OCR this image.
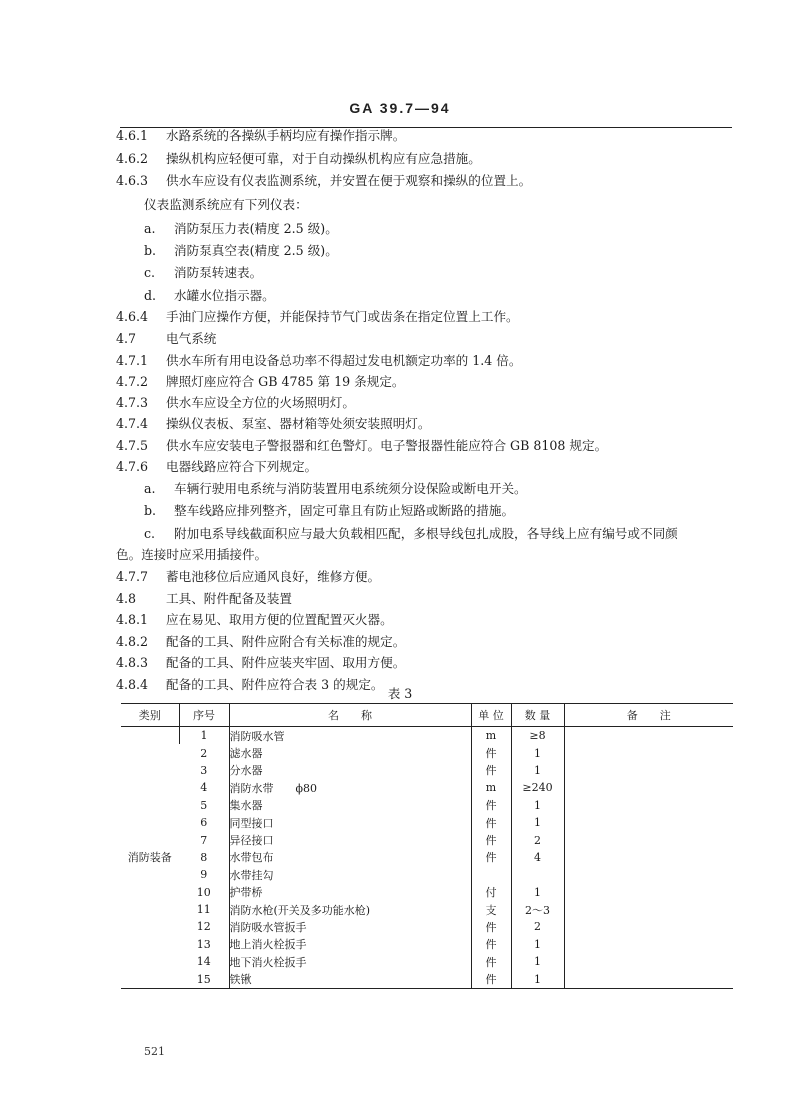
GA 39.7—94
4.6.1 水路系统的各操纵手柄均应有操作指示牌。
4.6.2 操纵机构应轻便可靠，对于自动操纵机构应有应急措施。
4.6.3 供水车应设有仪表监测系统，并安置在便于观察和操纵的位置上。
仪表监测系统应有下列仪表：
a. 消防泵压力表(精度 2.5 级)。
b. 消防泵真空表(精度 2.5 级)。
c. 消防泵转速表。
d. 水罐水位指示器。
4.6.4 手油门应操作方便，并能保持节气门或齿条在指定位置上工作。
4.7 电气系统
4.7.1 供水车所有用电设备总功率不得超过发电机额定功率的 1.4 倍。
4.7.2 牌照灯座应符合 GB 4785 第 19 条规定。
4.7.3 供水车应设全方位的火场照明灯。
4.7.4 操纵仪表板、泵室、器材箱等处须安装照明灯。
4.7.5 供水车应安装电子警报器和红色警灯。电子警报器性能应符合 GB 8108 规定。
4.7.6 电器线路应符合下列规定。
a. 车辆行驶用电系统与消防装置用电系统须分设保险或断电开关。
b. 整车线路应排列整齐，固定可靠且有防止短路或断路的措施。
c. 附加电系导线截面积应与最大负载相匹配，多根导线包扎成股，各导线上应有编号或不同颜
色。连接时应采用插接件。
4.7.7 蓄电池移位后应通风良好，维修方便。
4.8 工具、附件配备及装置
4.8.1 应在易见、取用方便的位置配置灭火器。
4.8.2 配备的工具、附件应附合有关标准的规定。
4.8.3 配备的工具、附件应装夹牢固、取用方便。
4.8.4 配备的工具、附件应符合表 3 的规定。
表 3
类别	序号	名　　称	单 位	数 量	备　　注
消防装备	1	消防吸水管	m	≥8	
	2	滤水器	件	1	
	3	分水器	件	1	
	4	消防水带　　ϕ80	m	≥240	
	5	集水器	件	1	
	6	同型接口	件	1	
	7	异径接口	件	2	
	8	水带包布	件	4	
	9	水带挂勾			
	10	护带桥	付	1	
	11	消防水枪(开关及多功能水枪)	支	2～3	
	12	消防吸水管扳手	件	2	
	13	地上消火栓扳手	件	1	
	14	地下消火栓扳手	件	1	
	15	铁锹	件	1	
521
